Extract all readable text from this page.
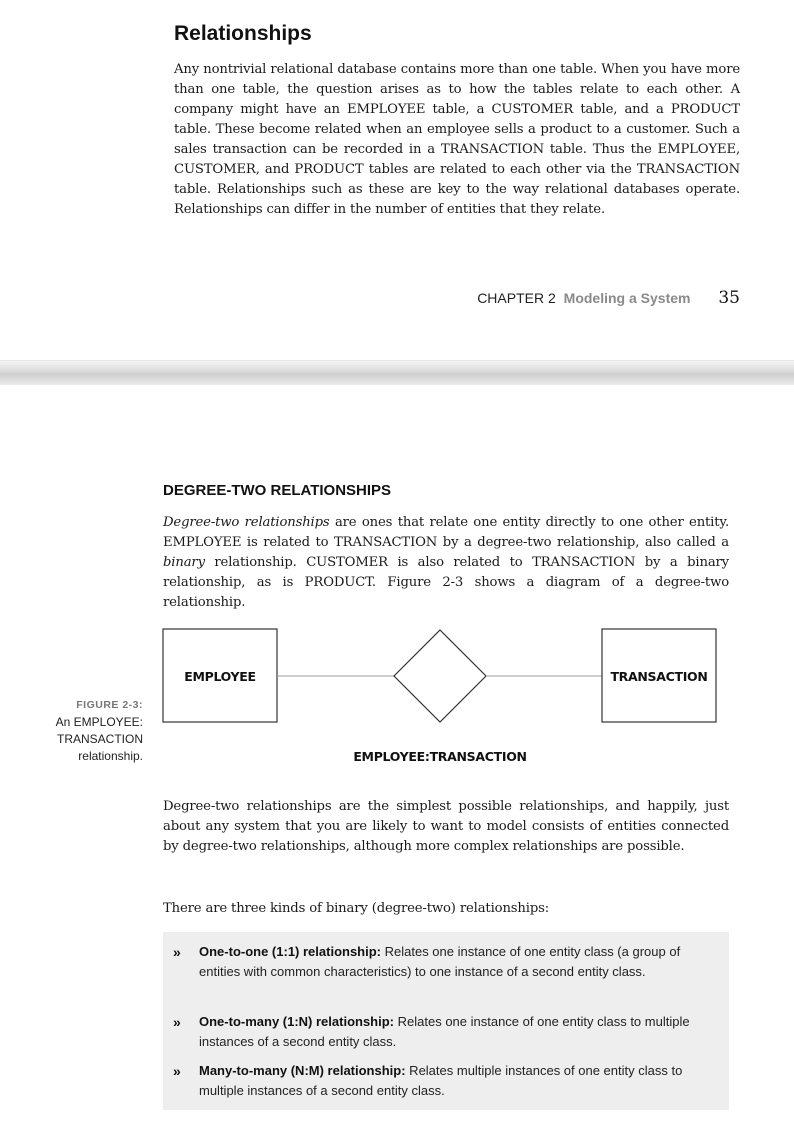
Relationships

Any nontrivial relational database contains more than one table. When you have more than one table, the question arises as to how the tables relate to each other. A company might have an EMPLOYEE table, a CUSTOMER table, and a PRODUCT table. These become related when an employee sells a product to a customer. Such a sales transaction can be recorded in a TRANSACTION table. Thus the EMPLOYEE, CUSTOMER, and PRODUCT tables are related to each other via the TRANSACTION table. Relationships such as these are key to the way relational databases operate. Relationships can differ in the number of entities that they relate.

CHAPTER 2 Modeling a System 35
DEGREE-TWO RELATIONSHIPS

Degree-two relationships are ones that relate one entity directly to one other entity. EMPLOYEE is related to TRANSACTION by a degree-two relationship, also called a binary relationship. CUSTOMER is also related to TRANSACTION by a binary relationship, as is PRODUCT. Figure 2-3 shows a diagram of a degree-two relationship.

FIGURE 2-3:
An EMPLOYEE:
TRANSACTION
relationship.
EMPLOYEE	TRANSACTION
EMPLOYEE:TRANSACTION

Degree-two relationships are the simplest possible relationships, and happily, just about any system that you are likely to want to model consists of entities connected by degree-two relationships, although more complex relationships are possible.

There are three kinds of binary (degree-two) relationships:

» One-to-one (1:1) relationship: Relates one instance of one entity class (a group of entities with common characteristics) to one instance of a second entity class.
» One-to-many (1:N) relationship: Relates one instance of one entity class to multiple instances of a second entity class.
» Many-to-many (N:M) relationship: Relates multiple instances of one entity class to multiple instances of a second entity class.
